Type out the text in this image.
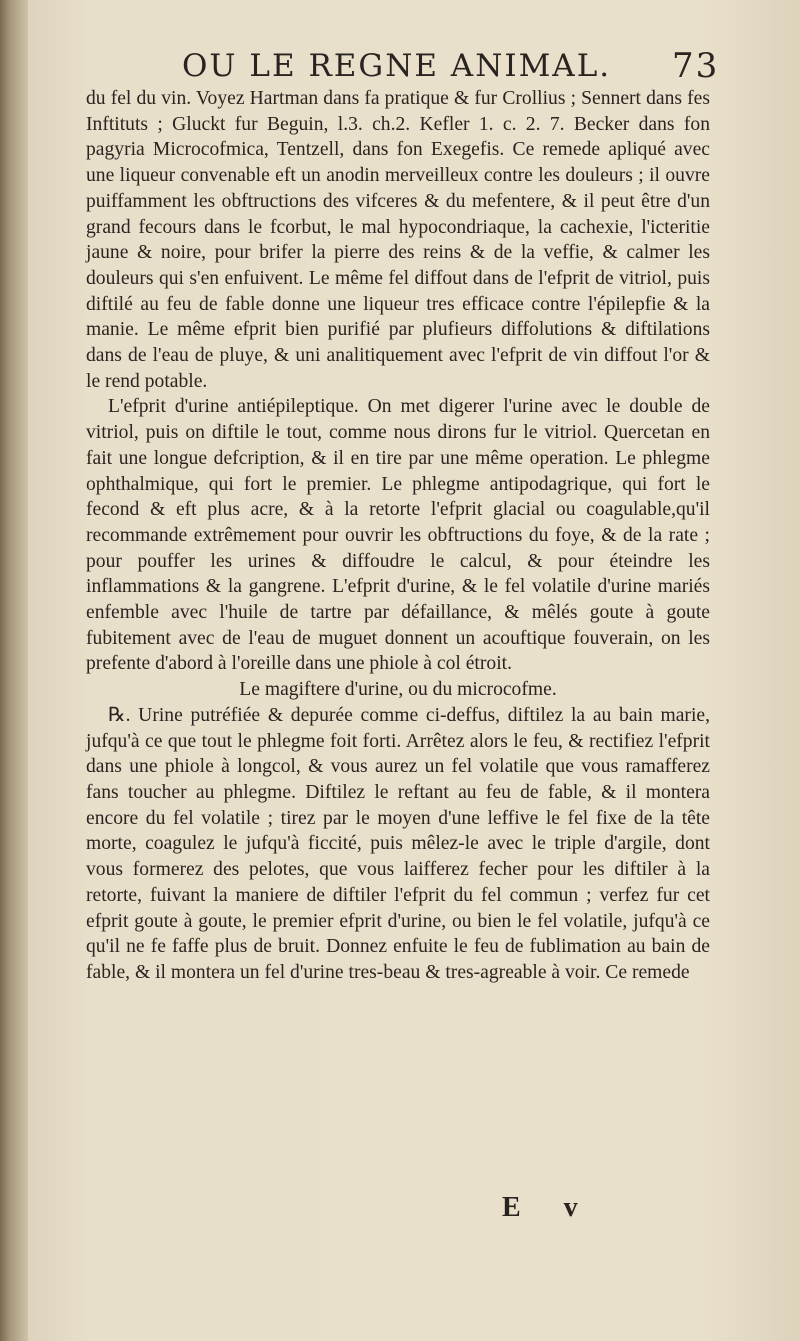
OU LE REGNE ANIMAL. 73

du fel du vin. Voyez Hartman dans fa pratique & fur Crollius ; Sennert dans fes Inftituts ; Gluckt fur Beguin, l.3. ch.2. Kefler 1. c. 2. 7. Becker dans fon pagyria Microcofmica, Tentzell, dans fon Exegefis. Ce remede apliqué avec une liqueur convenable eft un anodin merveilleux contre les douleurs ; il ouvre puiffamment les obftructions des vifceres & du mefentere, & il peut être d'un grand fecours dans le fcorbut, le mal hypocondriaque, la cachexie, l'icteritie jaune & noire, pour brifer la pierre des reins & de la veffie, & calmer les douleurs qui s'en enfuivent. Le même fel diffout dans de l'efprit de vitriol, puis diftilé au feu de fable donne une liqueur tres efficace contre l'épilepfie & la manie. Le même efprit bien purifié par plufieurs diffolutions & diftilations dans de l'eau de pluye, & uni analitiquement avec l'efprit de vin diffout l'or & le rend potable.

L'efprit d'urine antiépileptique. On met digerer l'urine avec le double de vitriol, puis on diftile le tout, comme nous dirons fur le vitriol. Quercetan en fait une longue defcription, & il en tire par une même operation. Le phlegme ophthalmique, qui fort le premier. Le phlegme antipodagrique, qui fort le fecond & eft plus acre, & à la retorte l'efprit glacial ou coagulable,qu'il recommande extrêmement pour ouvrir les obftructions du foye, & de la rate ; pour pouffer les urines & diffoudre le calcul, & pour éteindre les inflammations & la gangrene. L'efprit d'urine, & le fel volatile d'urine mariés enfemble avec l'huile de tartre par défaillance, & mêlés goute à goute fubitement avec de l'eau de muguet donnent un acouftique fouverain, on les prefente d'abord à l'oreille dans une phiole à col étroit.

Le magiftere d'urine, ou du microcofme.

℞. Urine putréfiée & depurée comme ci-deffus, diftilez la au bain marie, jufqu'à ce que tout le phlegme foit forti. Arrêtez alors le feu, & rectifiez l'efprit dans une phiole à longcol, & vous aurez un fel volatile que vous ramafferez fans toucher au phlegme. Diftilez le reftant au feu de fable, & il montera encore du fel volatile ; tirez par le moyen d'une leffive le fel fixe de la tête morte, coagulez le jufqu'à ficcité, puis mêlez-le avec le triple d'argile, dont vous formerez des pelotes, que vous laifferez fecher pour les diftiler à la retorte, fuivant la maniere de diftiler l'efprit du fel commun ; verfez fur cet efprit goute à goute, le premier efprit d'urine, ou bien le fel volatile, jufqu'à ce qu'il ne fe faffe plus de bruit. Donnez enfuite le feu de fublimation au bain de fable, & il montera un fel d'urine tres-beau & tres-agreable à voir. Ce remede

E v
